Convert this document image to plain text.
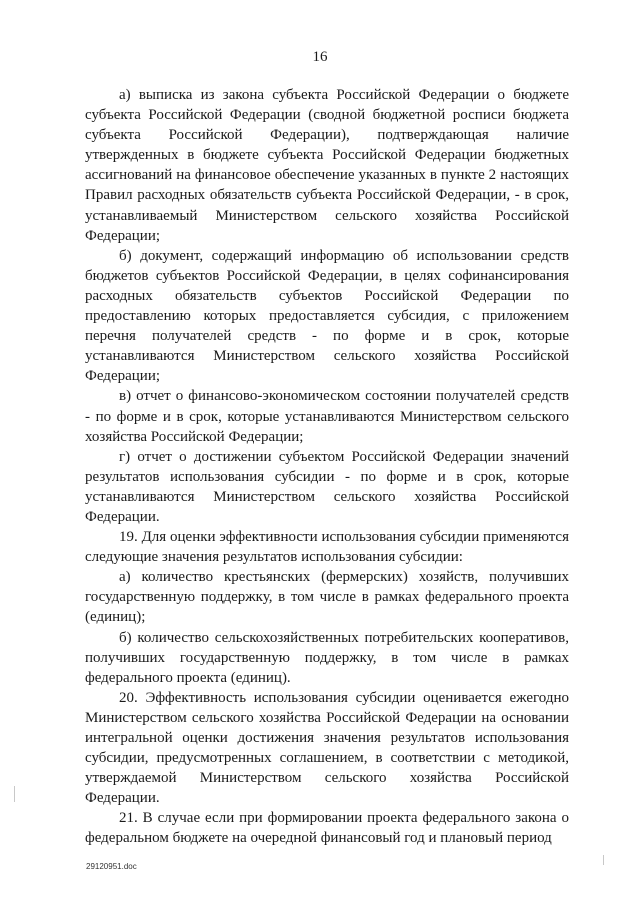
16

а) выписка из закона субъекта Российской Федерации о бюджете субъекта Российской Федерации (сводной бюджетной росписи бюджета субъекта Российской Федерации), подтверждающая наличие утвержденных в бюджете субъекта Российской Федерации бюджетных ассигнований на финансовое обеспечение указанных в пункте 2 настоящих Правил расходных обязательств субъекта Российской Федерации, - в срок, устанавливаемый Министерством сельского хозяйства Российской Федерации;

б) документ, содержащий информацию об использовании средств бюджетов субъектов Российской Федерации, в целях софинансирования расходных обязательств субъектов Российской Федерации по предоставлению которых предоставляется субсидия, с приложением перечня получателей средств - по форме и в срок, которые устанавливаются Министерством сельского хозяйства Российской Федерации;

в) отчет о финансово-экономическом состоянии получателей средств - по форме и в срок, которые устанавливаются Министерством сельского хозяйства Российской Федерации;

г) отчет о достижении субъектом Российской Федерации значений результатов использования субсидии - по форме и в срок, которые устанавливаются Министерством сельского хозяйства Российской Федерации.

19. Для оценки эффективности использования субсидии применяются следующие значения результатов использования субсидии:

а) количество крестьянских (фермерских) хозяйств, получивших государственную поддержку, в том числе в рамках федерального проекта (единиц);

б) количество сельскохозяйственных потребительских кооперативов, получивших государственную поддержку, в том числе в рамках федерального проекта (единиц).

20. Эффективность использования субсидии оценивается ежегодно Министерством сельского хозяйства Российской Федерации на основании интегральной оценки достижения значения результатов использования субсидии, предусмотренных соглашением, в соответствии с методикой, утверждаемой Министерством сельского хозяйства Российской Федерации.

21. В случае если при формировании проекта федерального закона о федеральном бюджете на очередной финансовый год и плановый период

29120951.doc
